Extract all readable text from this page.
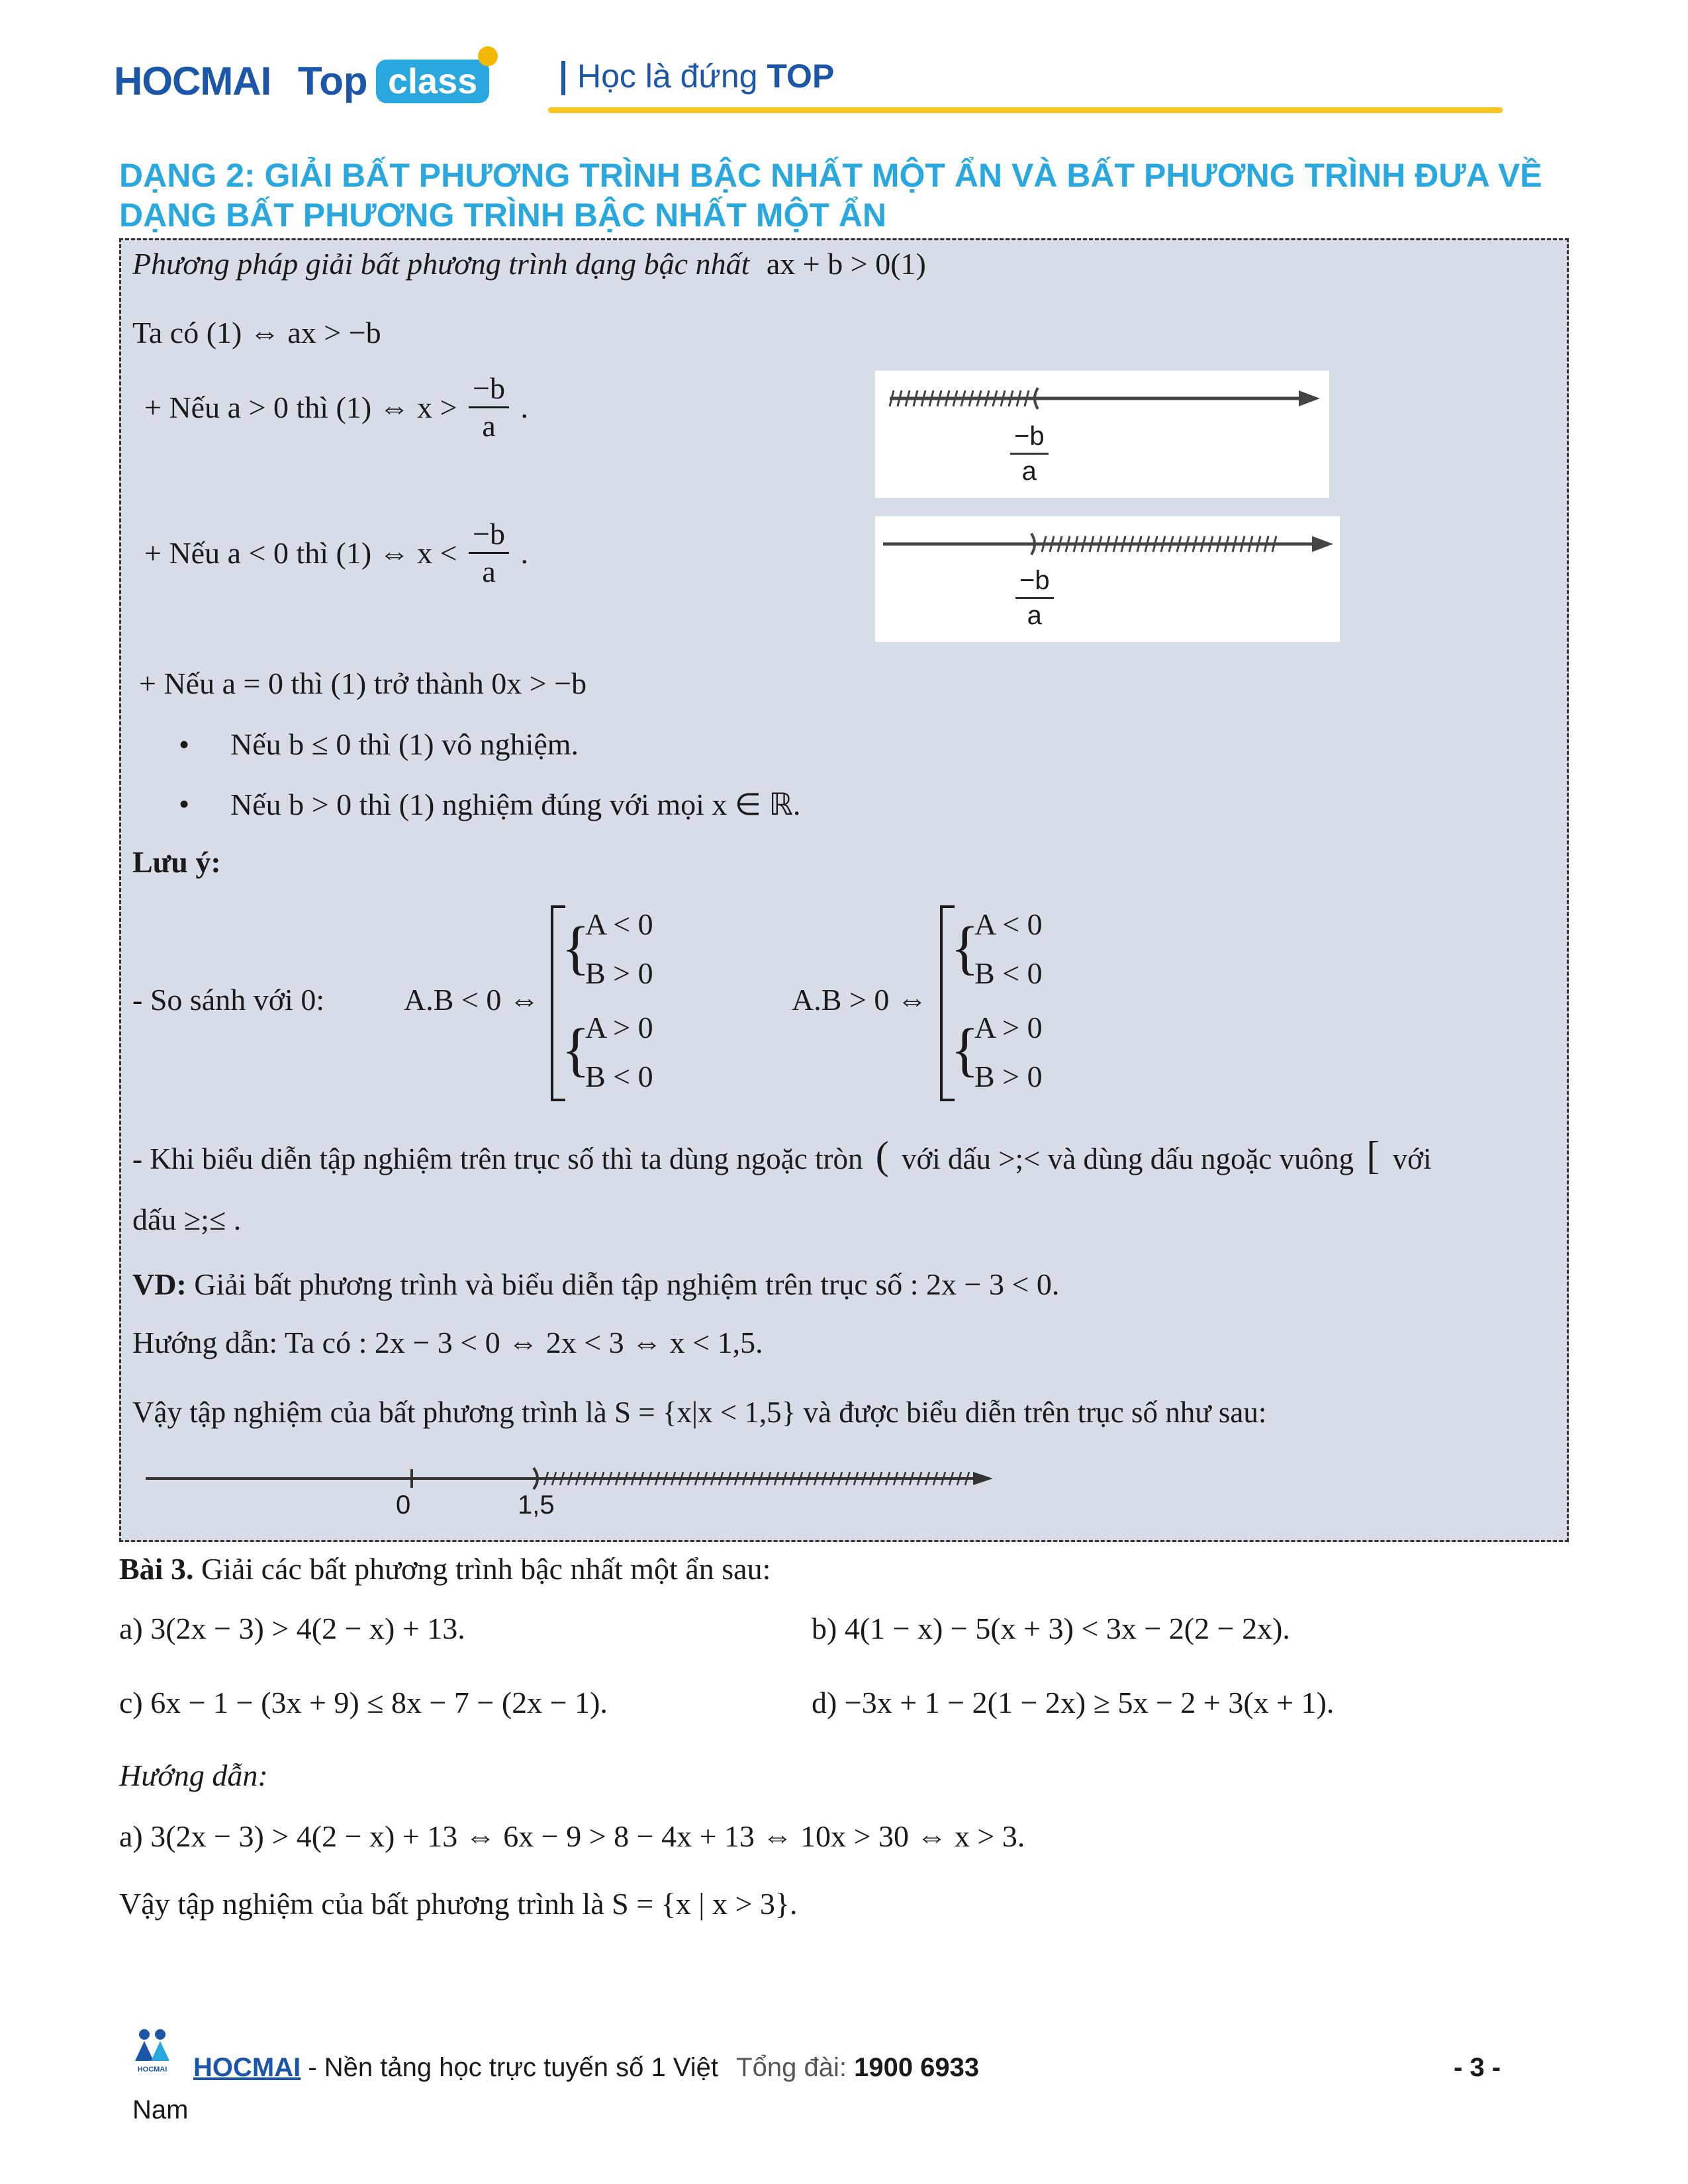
HOCMAI Top class	Học là đứng TOP
DẠNG 2: GIẢI BẤT PHƯƠNG TRÌNH BẬC NHẤT MỘT ẨN VÀ BẤT PHƯƠNG TRÌNH ĐƯA VỀ
DẠNG BẤT PHƯƠNG TRÌNH BẬC NHẤT MỘT ẨN
Phương pháp giải bất phương trình dạng bậc nhất ax + b > 0(1)
Ta có (1) ⇔ ax > −b
+ Nếu a > 0 thì (1) ⇔ $x > \frac{-b}{a}$ .
$\frac{-b}{a}$
+ Nếu a < 0 thì (1) ⇔ $x < \frac{-b}{a}$ .
$\frac{-b}{a}$
+ Nếu a = 0 thì (1) trở thành 0x > −b
• Nếu b ≤ 0 thì (1) vô nghiệm.
• Nếu b > 0 thì (1) nghiệm đúng với mọi x ∈ ℝ.
Lưu ý:
- So sánh với 0:	A.B < 0 ⇔	A.B > 0 ⇔
{
{
A < 0
B > 0
A > 0
B < 0
{
{
A < 0
B < 0
A > 0
B > 0
- Khi biểu diễn tập nghiệm trên trục số thì ta dùng ngoặc tròn ( với dấu >;< và dùng dấu ngoặc vuông [ với
dấu ≥;≤ .
VD: Giải bất phương trình và biểu diễn tập nghiệm trên trục số : 2x − 3 < 0.
Hướng dẫn: Ta có : 2x − 3 < 0 ⇔ 2x < 3 ⇔ x < 1,5.
Vậy tập nghiệm của bất phương trình là S = {x|x < 1,5} và được biểu diễn trên trục số như sau:
0	1,5
Bài 3. Giải các bất phương trình bậc nhất một ẩn sau:
a) 3(2x − 3) > 4(2 − x) + 13.	b) 4(1 − x) − 5(x + 3) < 3x − 2(2 − 2x).
c) 6x − 1 − (3x + 9) ≤ 8x − 7 − (2x − 1).	d) −3x + 1 − 2(1 − 2x) ≥ 5x − 2 + 3(x + 1).
Hướng dẫn:
a) 3(2x − 3) > 4(2 − x) + 13 ⇔ 6x − 9 > 8 − 4x + 13 ⇔ 10x > 30 ⇔ x > 3.
Vậy tập nghiệm của bất phương trình là S = {x | x > 3}.
HOCMAI HOCMAI - Nền tảng học trực tuyến số 1 Việt Tổng đài: 1900 6933	- 3 -
Nam
